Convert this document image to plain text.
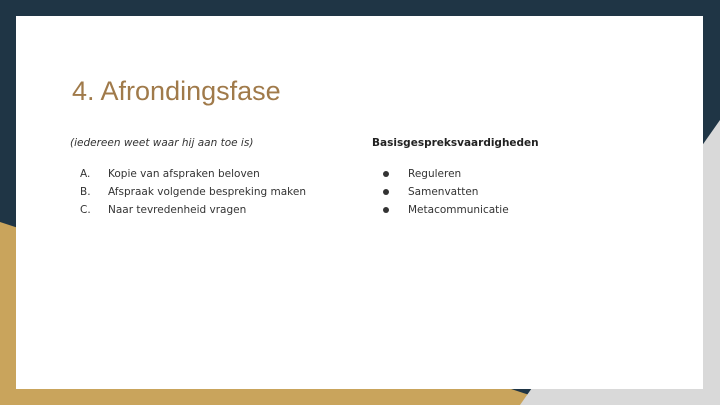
4. Afrondingsfase

(iedereen weet waar hij aan toe is)

A.	Kopie van afspraken beloven
B.	Afspraak volgende bespreking maken
C.	Naar tevredenheid vragen

Basisgespreksvaardigheden

Reguleren
Samenvatten
Metacommunicatie
